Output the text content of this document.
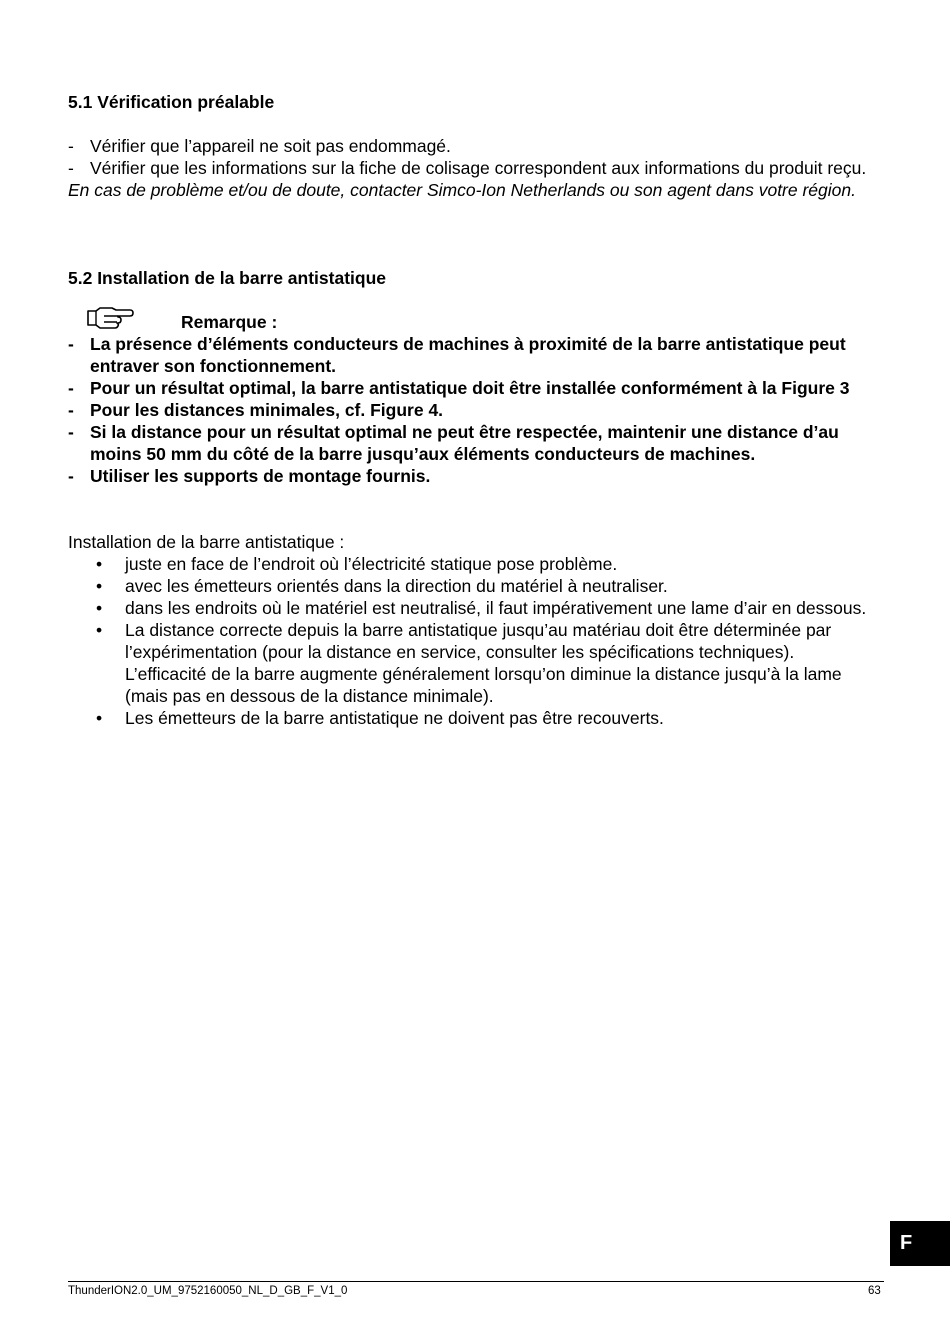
5.1 Vérification préalable
- Vérifier que l’appareil ne soit pas endommagé.
- Vérifier que les informations sur la fiche de colisage correspondent aux informations du produit reçu.
En cas de problème et/ou de doute, contacter Simco-Ion Netherlands ou son agent dans votre région.
5.2 Installation de la barre antistatique
Remarque :
- La présence d’éléments conducteurs de machines à proximité de la barre antistatique peut entraver son fonctionnement.
- Pour un résultat optimal, la barre antistatique doit être installée conformément à la Figure 3
- Pour les distances minimales, cf. Figure 4.
- Si la distance pour un résultat optimal ne peut être respectée, maintenir une distance d’au moins 50 mm du côté de la barre jusqu’aux éléments conducteurs de machines.
- Utiliser les supports de montage fournis.
Installation de la barre antistatique :
• juste en face de l’endroit où l’électricité statique pose problème.
• avec les émetteurs orientés dans la direction du matériel à neutraliser.
• dans les endroits où le matériel est neutralisé, il faut impérativement une lame d’air en dessous.
• La distance correcte depuis la barre antistatique jusqu’au matériau doit être déterminée par l’expérimentation (pour la distance en service, consulter les spécifications techniques).
L’efficacité de la barre augmente généralement lorsqu’on diminue la distance jusqu’à la lame (mais pas en dessous de la distance minimale).
• Les émetteurs de la barre antistatique ne doivent pas être recouverts.
F
ThunderION2.0_UM_9752160050_NL_D_GB_F_V1_0	63
